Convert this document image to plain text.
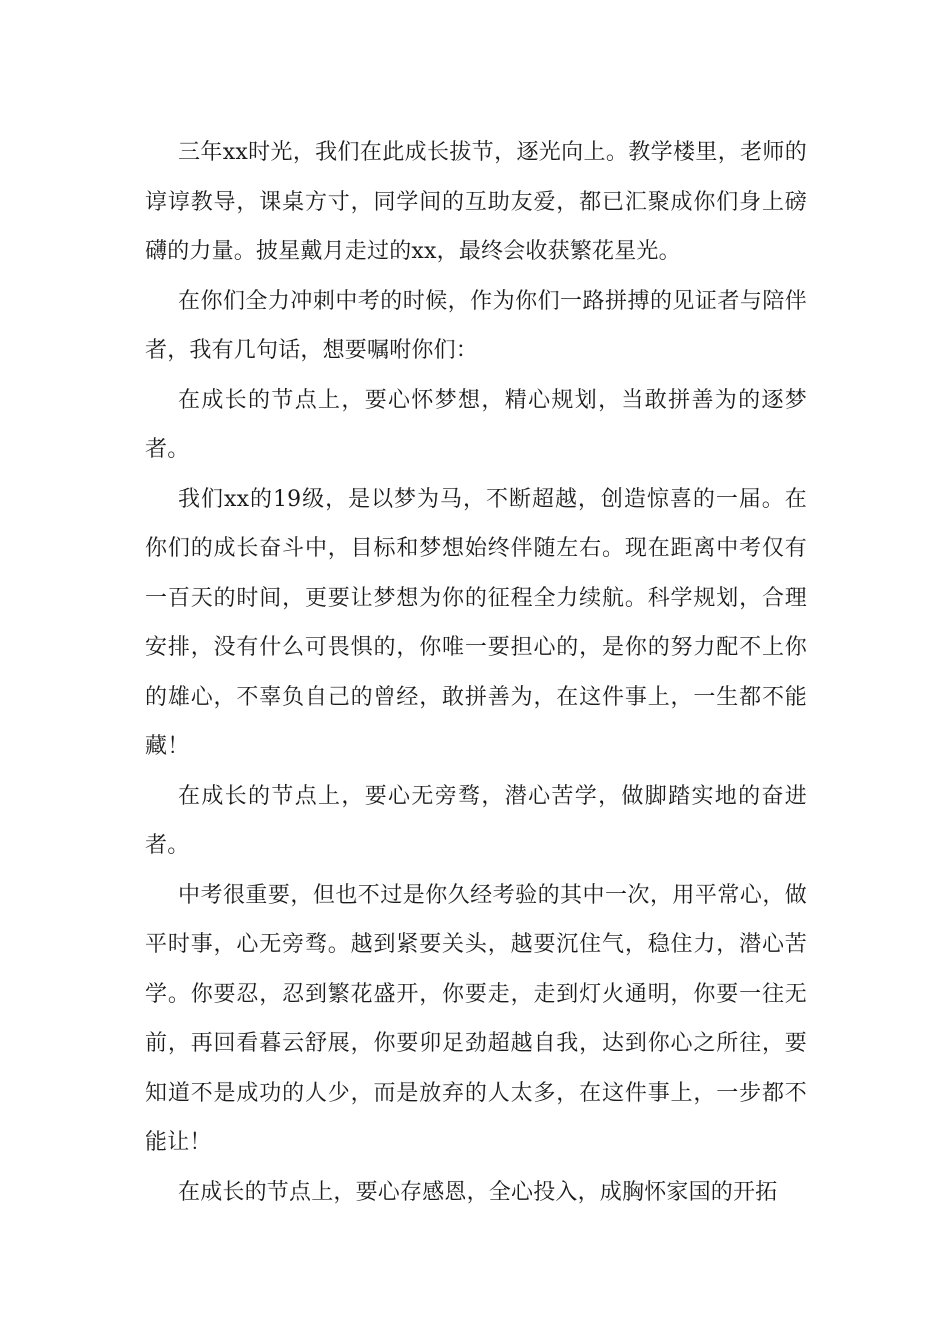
三年xx时光，我们在此成长拔节，逐光向上。教学楼里，老师的谆谆教导，课桌方寸，同学间的互助友爱，都已汇聚成你们身上磅礴的力量。披星戴月走过的xx，最终会收获繁花星光。

在你们全力冲刺中考的时候，作为你们一路拼搏的见证者与陪伴者，我有几句话，想要嘱咐你们：

在成长的节点上，要心怀梦想，精心规划，当敢拼善为的逐梦者。

我们xx的19级，是以梦为马，不断超越，创造惊喜的一届。在你们的成长奋斗中，目标和梦想始终伴随左右。现在距离中考仅有一百天的时间，更要让梦想为你的征程全力续航。科学规划，合理安排，没有什么可畏惧的，你唯一要担心的，是你的努力配不上你的雄心，不辜负自己的曾经，敢拼善为，在这件事上，一生都不能藏！

在成长的节点上，要心无旁骛，潜心苦学，做脚踏实地的奋进者。

中考很重要，但也不过是你久经考验的其中一次，用平常心，做平时事，心无旁骛。越到紧要关头，越要沉住气，稳住力，潜心苦学。你要忍，忍到繁花盛开，你要走，走到灯火通明，你要一往无前，再回看暮云舒展，你要卯足劲超越自我，达到你心之所往，要知道不是成功的人少，而是放弃的人太多，在这件事上，一步都不能让！

在成长的节点上，要心存感恩，全心投入，成胸怀家国的开拓
